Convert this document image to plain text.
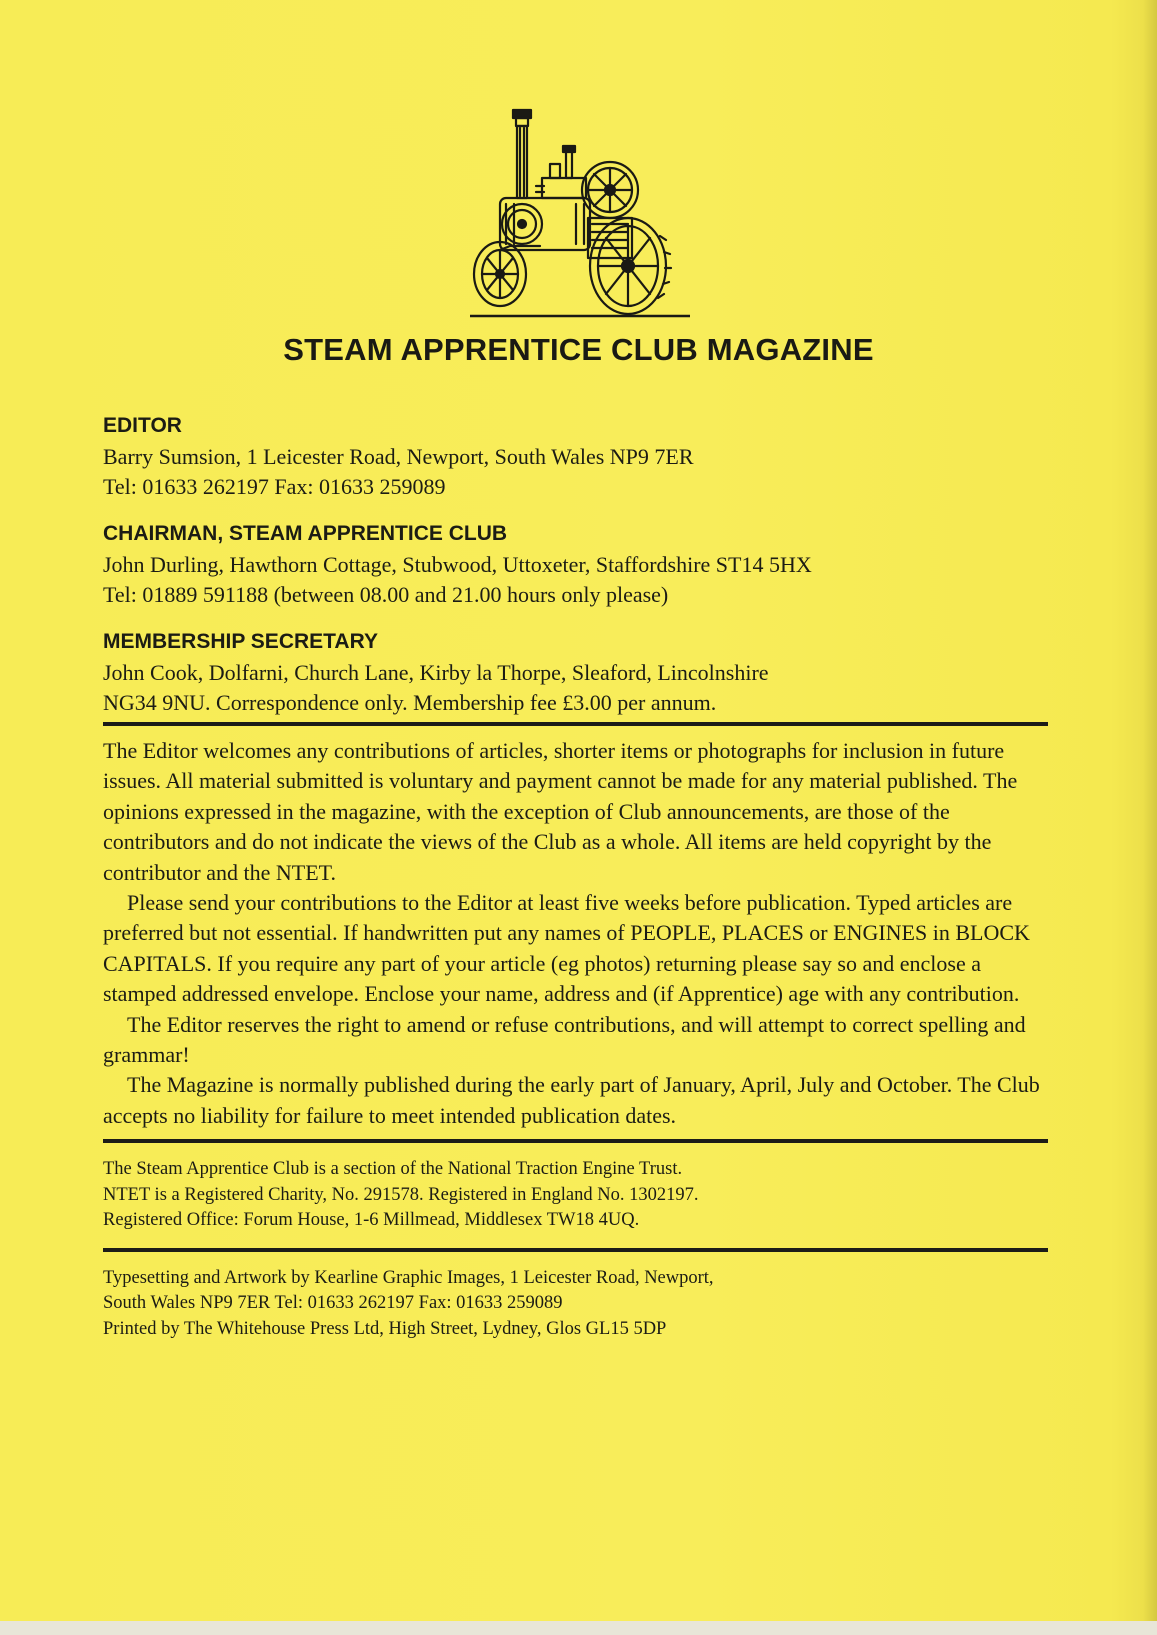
STEAM APPRENTICE CLUB MAGAZINE
EDITOR
Barry Sumsion, 1 Leicester Road, Newport, South Wales NP9 7ER
Tel: 01633 262197 Fax: 01633 259089
CHAIRMAN, STEAM APPRENTICE CLUB
John Durling, Hawthorn Cottage, Stubwood, Uttoxeter, Staffordshire ST14 5HX
Tel: 01889 591188 (between 08.00 and 21.00 hours only please)
MEMBERSHIP SECRETARY
John Cook, Dolfarni, Church Lane, Kirby la Thorpe, Sleaford, Lincolnshire
NG34 9NU. Correspondence only. Membership fee £3.00 per annum.

The Editor welcomes any contributions of articles, shorter items or photographs for inclusion in future issues. All material submitted is voluntary and payment cannot be made for any material published. The opinions expressed in the magazine, with the exception of Club announcements, are those of the contributors and do not indicate the views of the Club as a whole. All items are held copyright by the contributor and the NTET.

Please send your contributions to the Editor at least five weeks before publication. Typed articles are preferred but not essential. If handwritten put any names of PEOPLE, PLACES or ENGINES in BLOCK CAPITALS. If you require any part of your article (eg photos) returning please say so and enclose a stamped addressed envelope. Enclose your name, address and (if Apprentice) age with any contribution.

The Editor reserves the right to amend or refuse contributions, and will attempt to correct spelling and grammar!

The Magazine is normally published during the early part of January, April, July and October. The Club accepts no liability for failure to meet intended publication dates.

The Steam Apprentice Club is a section of the National Traction Engine Trust.
NTET is a Registered Charity, No. 291578. Registered in England No. 1302197.
Registered Office: Forum House, 1-6 Millmead, Middlesex TW18 4UQ.
Typesetting and Artwork by Kearline Graphic Images, 1 Leicester Road, Newport,
South Wales NP9 7ER Tel: 01633 262197 Fax: 01633 259089
Printed by The Whitehouse Press Ltd, High Street, Lydney, Glos GL15 5DP
